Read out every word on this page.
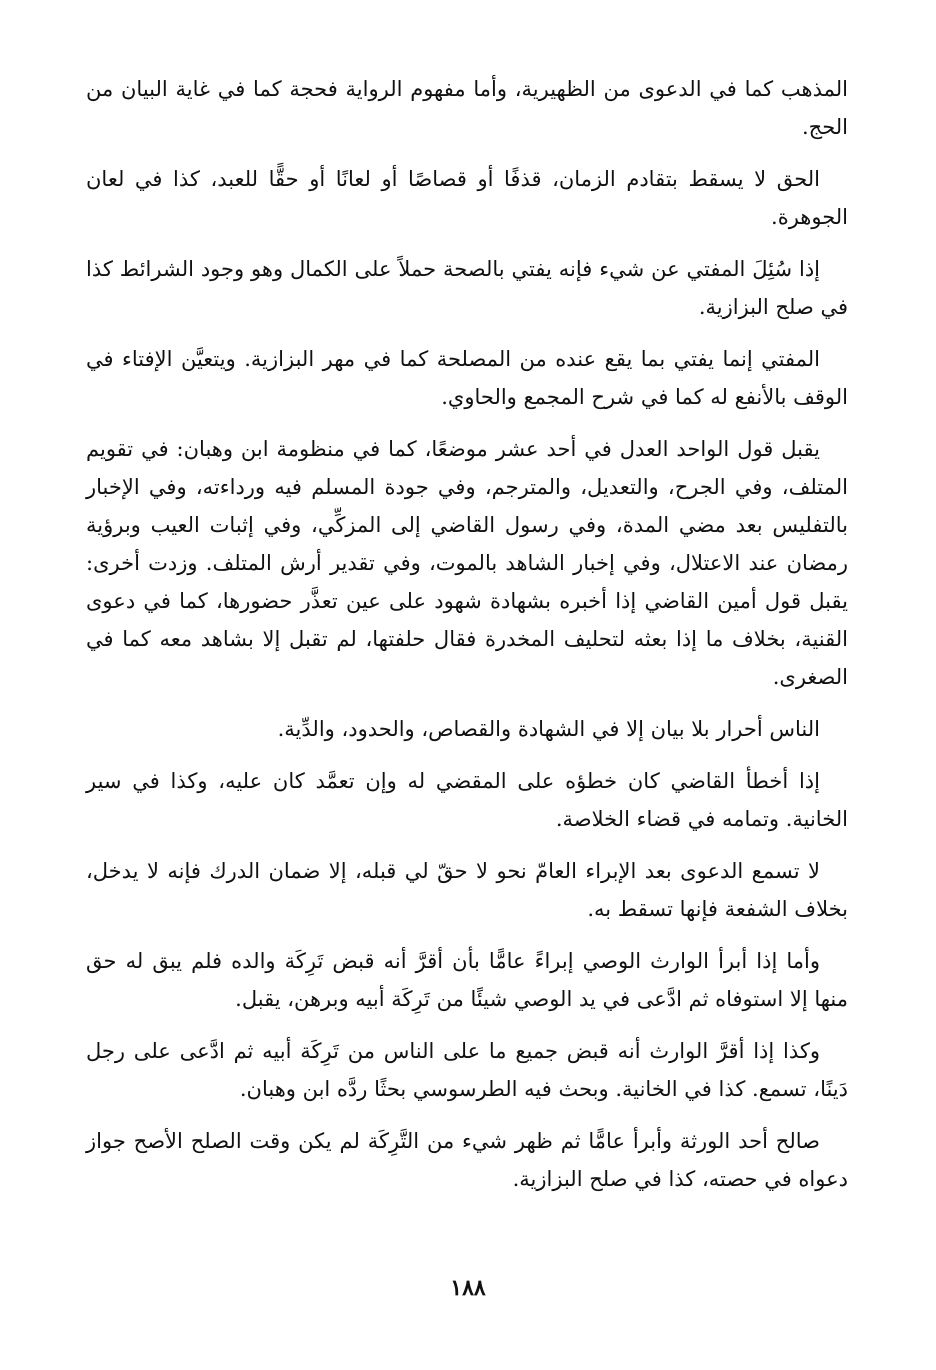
المذهب كما في الدعوى من الظهيرية، وأما مفهوم الرواية فحجة كما في غاية البيان من الحج.

الحق لا يسقط بتقادم الزمان، قذفًا أو قصاصًا أو لعانًا أو حقًّا للعبد، كذا في لعان الجوهرة.

إذا سُئِلَ المفتي عن شيء فإنه يفتي بالصحة حملاً على الكمال وهو وجود الشرائط كذا في صلح البزازية.

المفتي إنما يفتي بما يقع عنده من المصلحة كما في مهر البزازية. ويتعيَّن الإفتاء في الوقف بالأنفع له كما في شرح المجمع والحاوي.

يقبل قول الواحد العدل في أحد عشر موضعًا، كما في منظومة ابن وهبان: في تقويم المتلف، وفي الجرح، والتعديل، والمترجم، وفي جودة المسلم فيه ورداءته، وفي الإخبار بالتفليس بعد مضي المدة، وفي رسول القاضي إلى المزكِّي، وفي إثبات العيب وبرؤية رمضان عند الاعتلال، وفي إخبار الشاهد بالموت، وفي تقدير أرش المتلف. وزدت أخرى: يقبل قول أمين القاضي إذا أخبره بشهادة شهود على عين تعذَّر حضورها، كما في دعوى القنية، بخلاف ما إذا بعثه لتحليف المخدرة فقال حلفتها، لم تقبل إلا بشاهد معه كما في الصغرى.

الناس أحرار بلا بيان إلا في الشهادة والقصاص، والحدود، والدِّية.

إذا أخطأ القاضي كان خطؤه على المقضي له وإن تعمَّد كان عليه، وكذا في سير الخانية. وتمامه في قضاء الخلاصة.

لا تسمع الدعوى بعد الإبراء العامّ نحو لا حقّ لي قبله، إلا ضمان الدرك فإنه لا يدخل، بخلاف الشفعة فإنها تسقط به.

وأما إذا أبرأ الوارث الوصي إبراءً عامًّا بأن أقرَّ أنه قبض تَرِكَة والده فلم يبق له حق منها إلا استوفاه ثم ادَّعى في يد الوصي شيئًا من تَرِكَة أبيه وبرهن، يقبل.

وكذا إذا أقرَّ الوارث أنه قبض جميع ما على الناس من تَرِكَة أبيه ثم ادَّعى على رجل دَينًا، تسمع. كذا في الخانية. وبحث فيه الطرسوسي بحثًا ردَّه ابن وهبان.

صالح أحد الورثة وأبرأ عامًّا ثم ظهر شيء من التَّرِكَة لم يكن وقت الصلح الأصح جواز دعواه في حصته، كذا في صلح البزازية.

١٨٨
